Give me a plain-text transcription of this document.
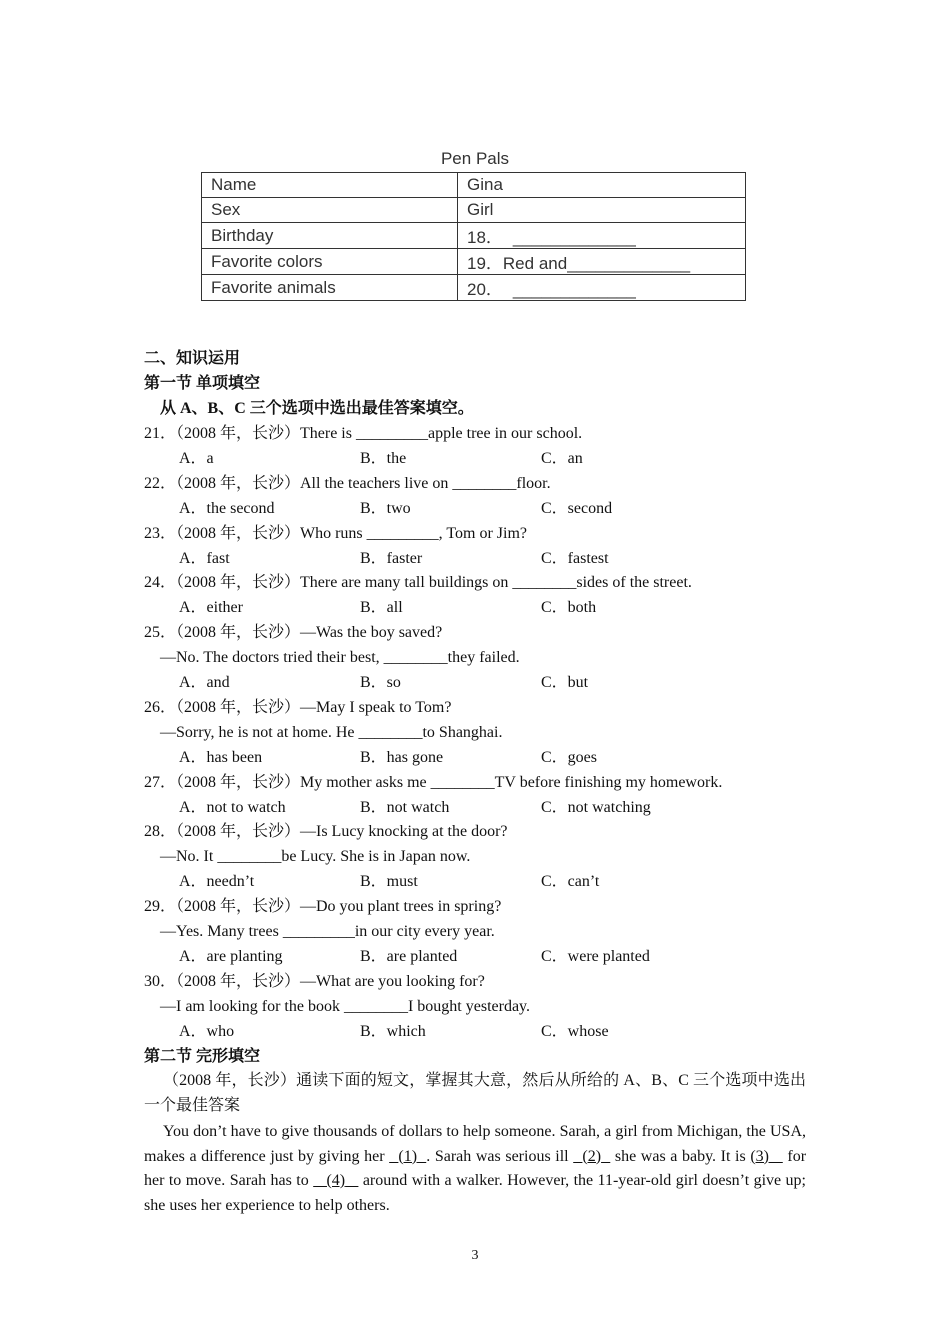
Pen Pals
Name	Gina
Sex	Girl
Birthday	18． _____________
Favorite colors	19．Red and_____________
Favorite animals	20． _____________
二、知识运用
第一节 单项填空
从 A、B、C 三个选项中选出最佳答案填空。
21．（2008 年，长沙）There is _________apple tree in our school.
A．a	B．the	C．an
22．（2008 年，长沙）All the teachers live on ________floor.
A．the second	B．two	C．second
23．（2008 年，长沙）Who runs _________, Tom or Jim?
A．fast	B．faster	C．fastest
24．（2008 年，长沙）There are many tall buildings on ________sides of the street.
A．either	B．all	C．both
25．（2008 年，长沙）—Was the boy saved?
—No. The doctors tried their best, ________they failed.
A．and	B．so	C．but
26．（2008 年，长沙）—May I speak to Tom?
—Sorry, he is not at home. He ________to Shanghai.
A．has been	B．has gone	C．goes
27．（2008 年，长沙）My mother asks me ________TV before finishing my homework.
A．not to watch	B．not watch	C．not watching
28．（2008 年，长沙）—Is Lucy knocking at the door?
—No. It ________be Lucy. She is in Japan now.
A．needn’t	B．must	C．can’t
29．（2008 年，长沙）—Do you plant trees in spring?
—Yes. Many trees _________in our city every year.
A．are planting	B．are planted	C．were planted
30．（2008 年，长沙）—What are you looking for?
—I am looking for the book ________I bought yesterday.
A．who	B．which	C．whose
第二节 完形填空
（2008 年，长沙）通读下面的短文，掌握其大意，然后从所给的 A、B、C 三个选项中选出一个最佳答案
You don’t have to give thousands of dollars to help someone. Sarah, a girl from Michigan, the USA, makes a difference just by giving her   (1) . Sarah was serious ill   (2)   she was a baby. It is (3)    for her to move. Sarah has to    (4)    around with a walker. However, the 11-year-old girl doesn’t give up; she uses her experience to help others.
3
